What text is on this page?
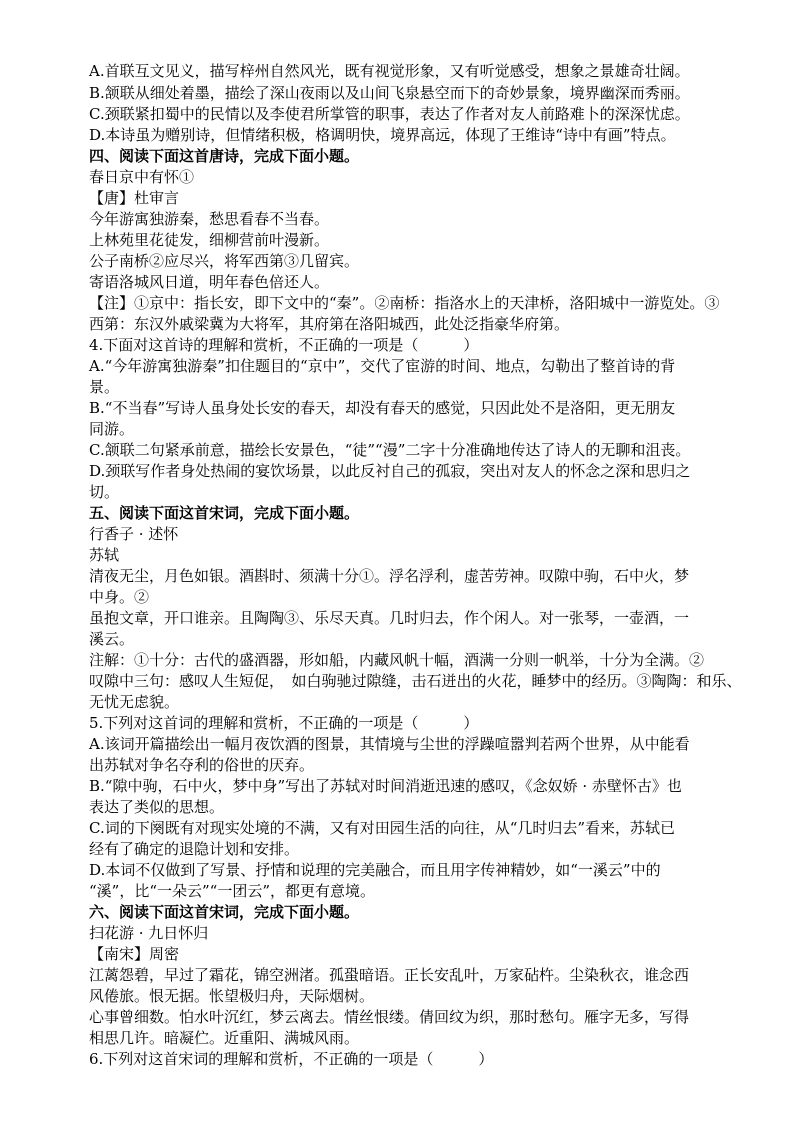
A.首联互文见义，描写梓州自然风光，既有视觉形象，又有听觉感受，想象之景雄奇壮阔。
B.颔联从细处着墨，描绘了深山夜雨以及山间飞泉悬空而下的奇妙景象，境界幽深而秀丽。
C.颈联紧扣蜀中的民情以及李使君所掌管的职事，表达了作者对友人前路难卜的深深忧虑。
D.本诗虽为赠别诗，但情绪积极，格调明快，境界高远，体现了王维诗“诗中有画”特点。
四、阅读下面这首唐诗，完成下面小题。
春日京中有怀①
【唐】杜审言
今年游寓独游秦，愁思看春不当春。
上林苑里花徒发，细柳营前叶漫新。
公子南桥②应尽兴，将军西第③几留宾。
寄语洛城风日道，明年春色倍还人。
【注】①京中：指长安，即下文中的“秦”。②南桥：指洛水上的天津桥，洛阳城中一游览处。③
西第：东汉外戚梁冀为大将军，其府第在洛阳城西，此处泛指豪华府第。
4.下面对这首诗的理解和赏析，不正确的一项是（　　　）
A.“今年游寓独游秦”扣住题目的“京中”，交代了宦游的时间、地点，勾勒出了整首诗的背
景。
B.“不当春”写诗人虽身处长安的春天，却没有春天的感觉，只因此处不是洛阳，更无朋友
同游。
C.颔联二句紧承前意，描绘长安景色，“徒”“漫”二字十分准确地传达了诗人的无聊和沮丧。
D.颈联写作者身处热闹的宴饮场景，以此反衬自己的孤寂，突出对友人的怀念之深和思归之
切。
五、阅读下面这首宋词，完成下面小题。
行香子 · 述怀
苏轼
清夜无尘，月色如银。酒斟时、须满十分①。浮名浮利，虚苦劳神。叹隙中驹，石中火，梦
中身。②
虽抱文章，开口谁亲。且陶陶③、乐尽天真。几时归去，作个闲人。对一张琴，一壶酒，一
溪云。
注解：①十分：古代的盛酒器，形如船，内藏风帆十幅，酒满一分则一帆举，十分为全满。②
叹隙中三句：感叹人生短促，　如白驹驰过隙缝，击石迸出的火花，睡梦中的经历。③陶陶：和乐、
无忧无虑貌。
5.下列对这首词的理解和赏析，不正确的一项是（　　　）
A.该词开篇描绘出一幅月夜饮酒的图景，其情境与尘世的浮躁喧嚣判若两个世界，从中能看
出苏轼对争名夺利的俗世的厌弃。
B.“隙中驹，石中火，梦中身”写出了苏轼对时间消逝迅速的感叹，《念奴娇 · 赤壁怀古》也
表达了类似的思想。
C.词的下阕既有对现实处境的不满，又有对田园生活的向往，从“几时归去”看来，苏轼已
经有了确定的退隐计划和安排。
D.本词不仅做到了写景、抒情和说理的完美融合，而且用字传神精妙，如“一溪云”中的
“溪”，比“一朵云”“一团云”，都更有意境。
六、阅读下面这首宋词，完成下面小题。
扫花游 · 九日怀归
【南宋】周密
江蓠怨碧，早过了霜花，锦空洲渚。孤蛩暗语。正长安乱叶，万家砧杵。尘染秋衣，谁念西
风倦旅。恨无据。怅望极归舟，天际烟树。
心事曾细数。怕水叶沉红，梦云离去。情丝恨缕。倩回纹为织，那时愁句。雁字无多，写得
相思几许。暗凝伫。近重阳、满城风雨。
6.下列对这首宋词的理解和赏析，不正确的一项是（　　　）
